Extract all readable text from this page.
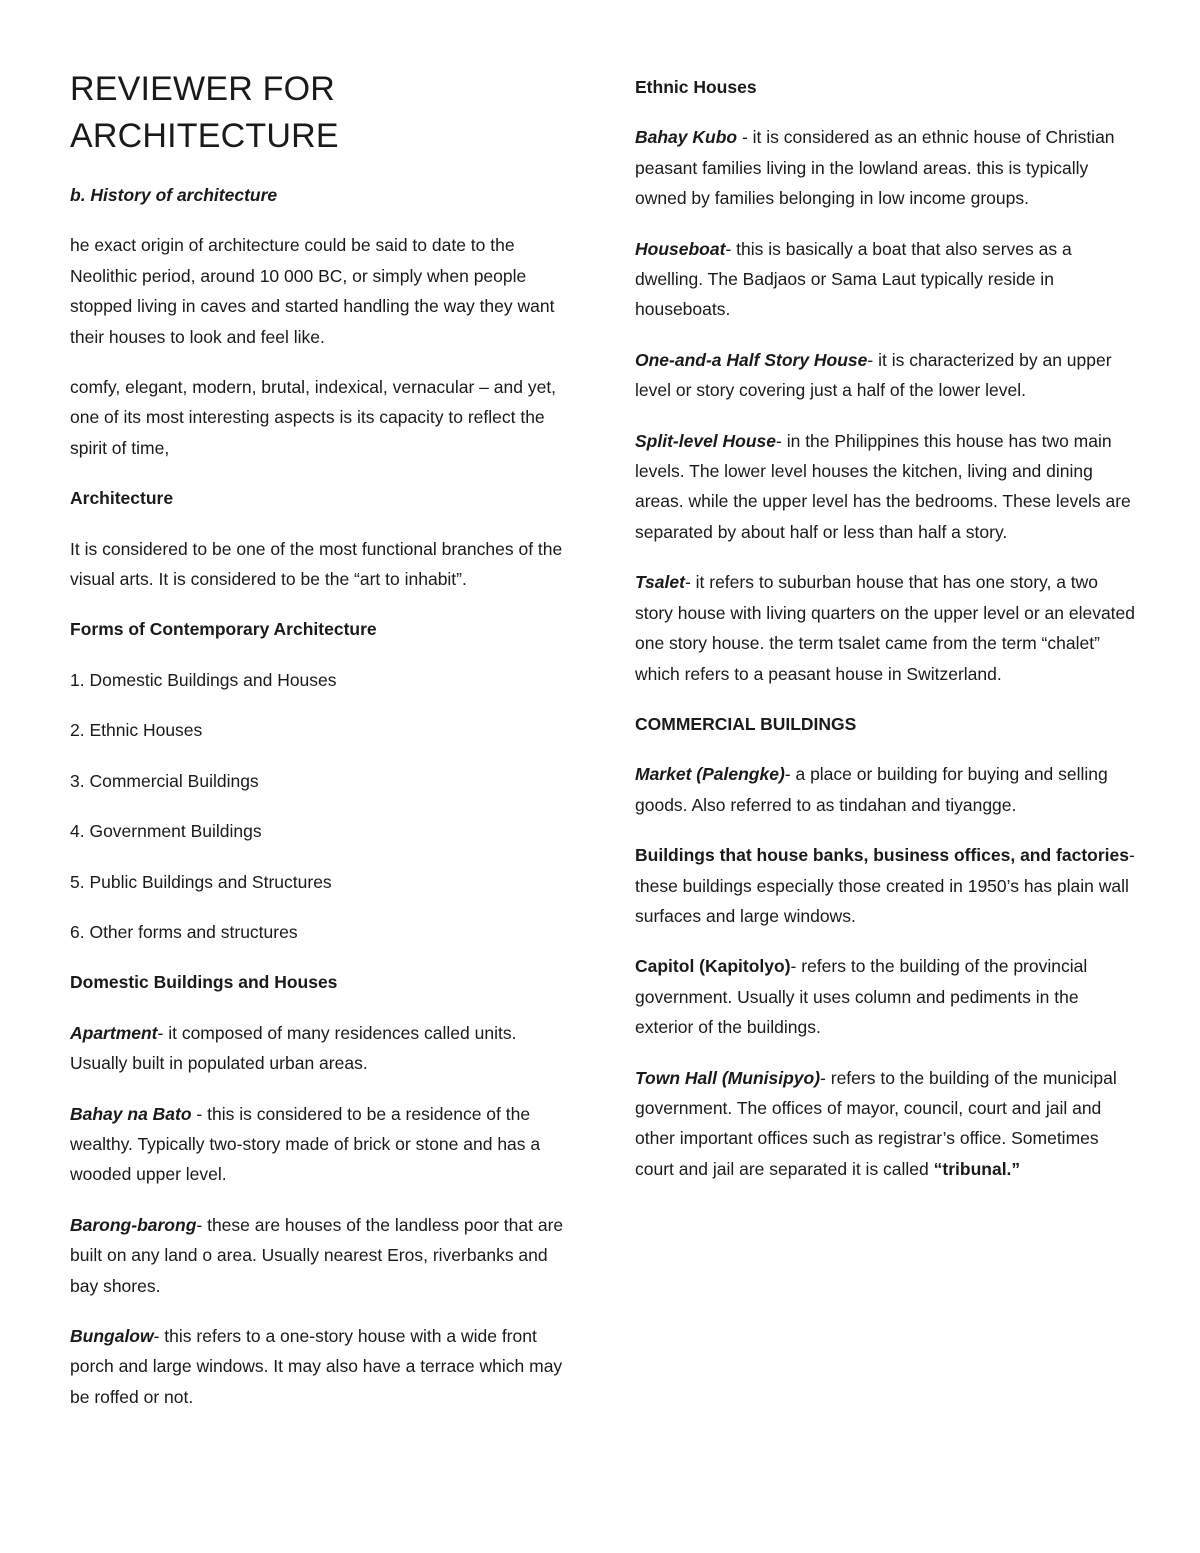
REVIEWER FOR
ARCHITECTURE

b. History of architecture

he exact origin of architecture could be said to date to the Neolithic period, around 10 000 BC, or simply when people stopped living in caves and started handling the way they want their houses to look and feel like.

comfy, elegant, modern, brutal, indexical, vernacular – and yet, one of its most interesting aspects is its capacity to reflect the spirit of time,

Architecture

It is considered to be one of the most functional branches of the visual arts. It is considered to be the “art to inhabit”.

Forms of Contemporary Architecture

1. Domestic Buildings and Houses

2. Ethnic Houses

3. Commercial Buildings

4. Government Buildings

5. Public Buildings and Structures

6. Other forms and structures

Domestic Buildings and Houses

Apartment- it composed of many residences called units. Usually built in populated urban areas.

Bahay na Bato - this is considered to be a residence of the wealthy. Typically two-story made of brick or stone and has a wooded upper level.

Barong-barong- these are houses of the landless poor that are built on any land o area. Usually nearest Eros, riverbanks and bay shores.

Bungalow- this refers to a one-story house with a wide front porch and large windows. It may also have a terrace which may be roffed or not.

Ethnic Houses

Bahay Kubo - it is considered as an ethnic house of Christian peasant families living in the lowland areas. this is typically owned by families belonging in low income groups.

Houseboat- this is basically a boat that also serves as a dwelling. The Badjaos or Sama Laut typically reside in houseboats.

One-and-a Half Story House- it is characterized by an upper level or story covering just a half of the lower level.

Split-level House- in the Philippines this house has two main levels. The lower level houses the kitchen, living and dining areas. while the upper level has the bedrooms. These levels are separated by about half or less than half a story.

Tsalet- it refers to suburban house that has one story, a two story house with living quarters on the upper level or an elevated one story house. the term tsalet came from the term “chalet” which refers to a peasant house in Switzerland.

COMMERCIAL BUILDINGS

Market (Palengke)- a place or building for buying and selling goods. Also referred to as tindahan and tiyangge.

Buildings that house banks, business offices, and factories- these buildings especially those created in 1950’s has plain wall surfaces and large windows.

Capitol (Kapitolyo)- refers to the building of the provincial government. Usually it uses column and pediments in the exterior of the buildings.

Town Hall (Munisipyo)- refers to the building of the municipal government. The offices of mayor, council, court and jail and other important offices such as registrar’s office. Sometimes court and jail are separated it is called “tribunal.”
